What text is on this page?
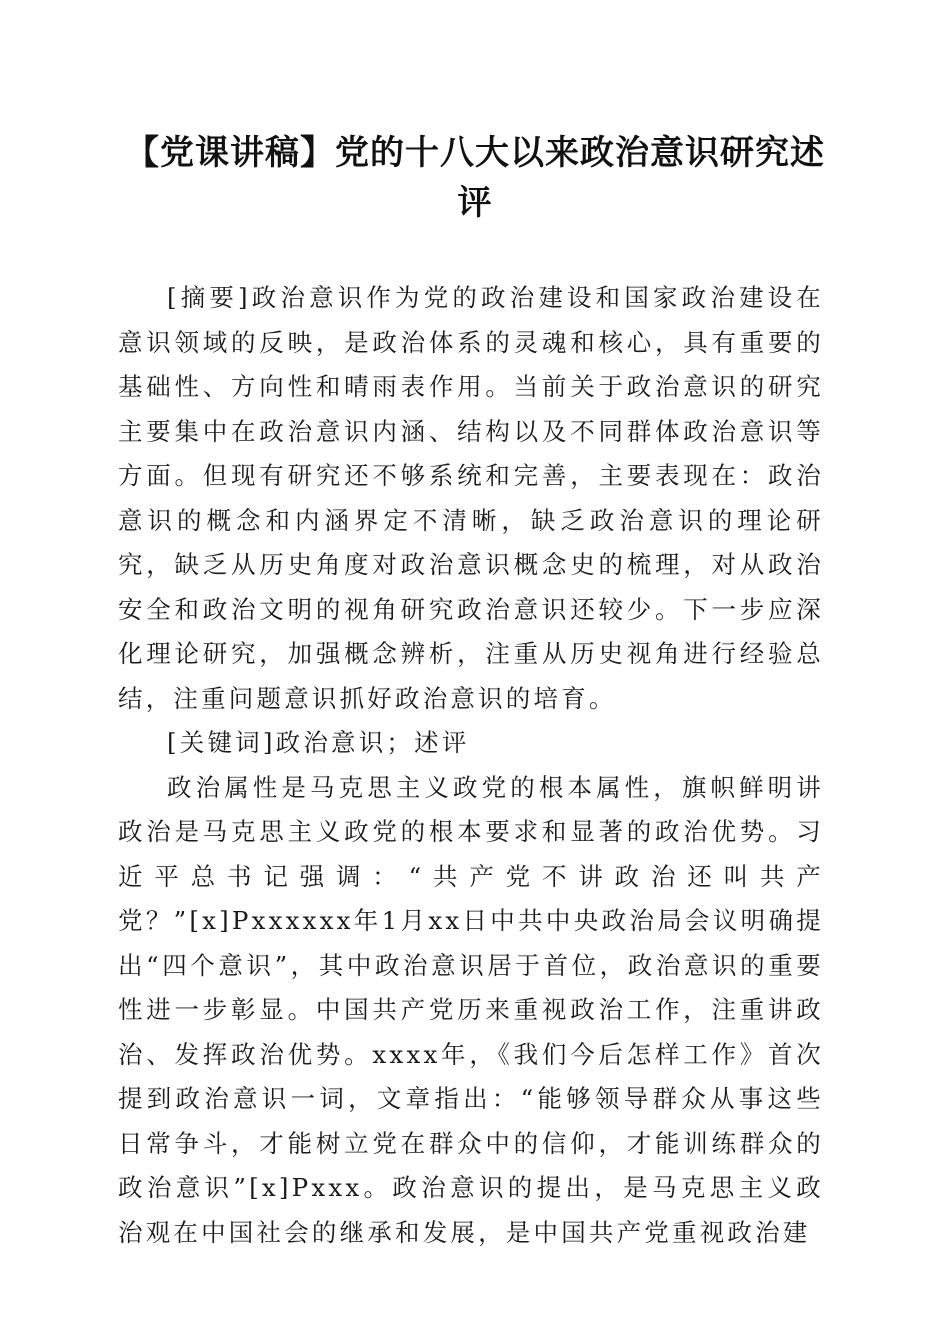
【党课讲稿】党的十八大以来政治意识研究述评

[摘要]政治意识作为党的政治建设和国家政治建设在意识领域的反映，是政治体系的灵魂和核心，具有重要的基础性、方向性和晴雨表作用。当前关于政治意识的研究主要集中在政治意识内涵、结构以及不同群体政治意识等方面。但现有研究还不够系统和完善，主要表现在：政治意识的概念和内涵界定不清晰，缺乏政治意识的理论研究，缺乏从历史角度对政治意识概念史的梳理，对从政治安全和政治文明的视角研究政治意识还较少。下一步应深化理论研究，加强概念辨析，注重从历史视角进行经验总结，注重问题意识抓好政治意识的培育。

[关键词]政治意识；述评

政治属性是马克思主义政党的根本属性，旗帜鲜明讲政治是马克思主义政党的根本要求和显著的政治优势。习近平总书记强调：“共产党不讲政治还叫共产党？”[x]Pxxxxxx年1月xx日中共中央政治局会议明确提出“四个意识”，其中政治意识居于首位，政治意识的重要性进一步彰显。中国共产党历来重视政治工作，注重讲政治、发挥政治优势。xxxx年，《我们今后怎样工作》首次提到政治意识一词，文章指出：“能够领导群众从事这些日常争斗，才能树立党在群众中的信仰，才能训练群众的政治意识”[x]Pxxx。政治意识的提出，是马克思主义政治观在中国社会的继承和发展，是中国共产党重视政治建
